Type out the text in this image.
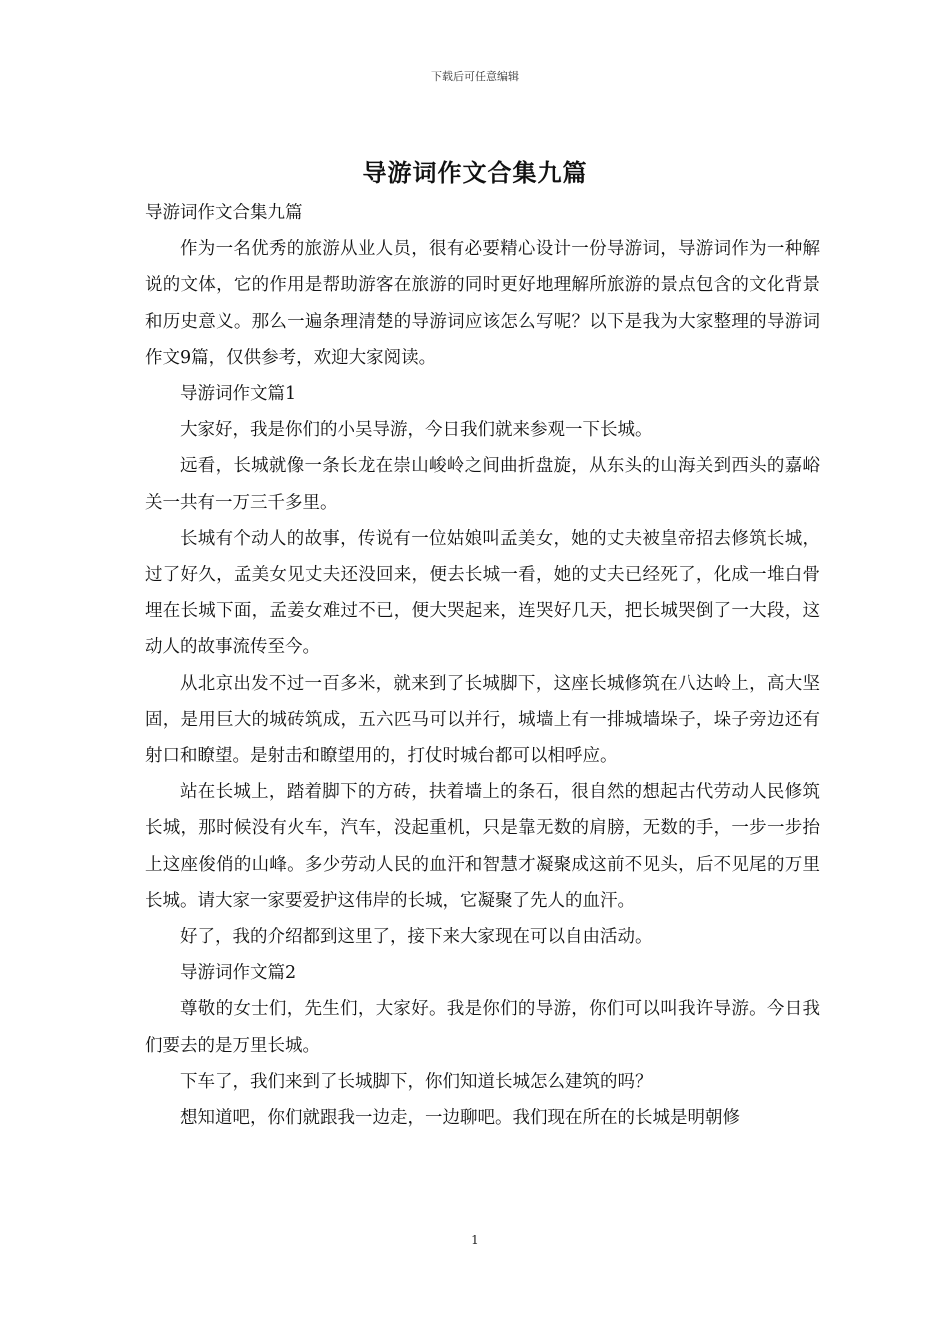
下载后可任意编辑
导游词作文合集九篇

导游词作文合集九篇

作为一名优秀的旅游从业人员，很有必要精心设计一份导游词，导游词作为一种解说的文体，它的作用是帮助游客在旅游的同时更好地理解所旅游的景点包含的文化背景和历史意义。那么一遍条理清楚的导游词应该怎么写呢？以下是我为大家整理的导游词作文9篇，仅供参考，欢迎大家阅读。

导游词作文篇1

大家好，我是你们的小吴导游，今日我们就来参观一下长城。

远看，长城就像一条长龙在崇山峻岭之间曲折盘旋，从东头的山海关到西头的嘉峪关一共有一万三千多里。

长城有个动人的故事，传说有一位姑娘叫孟美女，她的丈夫被皇帝招去修筑长城，过了好久，孟美女见丈夫还没回来，便去长城一看，她的丈夫已经死了，化成一堆白骨埋在长城下面，孟姜女难过不已，便大哭起来，连哭好几天，把长城哭倒了一大段，这动人的故事流传至今。

从北京出发不过一百多米，就来到了长城脚下，这座长城修筑在八达岭上，高大坚固，是用巨大的城砖筑成，五六匹马可以并行，城墙上有一排城墙垛子，垛子旁边还有射口和瞭望。是射击和瞭望用的，打仗时城台都可以相呼应。

站在长城上，踏着脚下的方砖，扶着墙上的条石，很自然的想起古代劳动人民修筑长城，那时候没有火车，汽车，没起重机，只是靠无数的肩膀，无数的手，一步一步抬上这座俊俏的山峰。多少劳动人民的血汗和智慧才凝聚成这前不见头，后不见尾的万里长城。请大家一家要爱护这伟岸的长城，它凝聚了先人的血汗。

好了，我的介绍都到这里了，接下来大家现在可以自由活动。

导游词作文篇2

尊敬的女士们，先生们，大家好。我是你们的导游，你们可以叫我许导游。今日我们要去的是万里长城。

下车了，我们来到了长城脚下，你们知道长城怎么建筑的吗？

想知道吧，你们就跟我一边走，一边聊吧。我们现在所在的长城是明朝修

1
